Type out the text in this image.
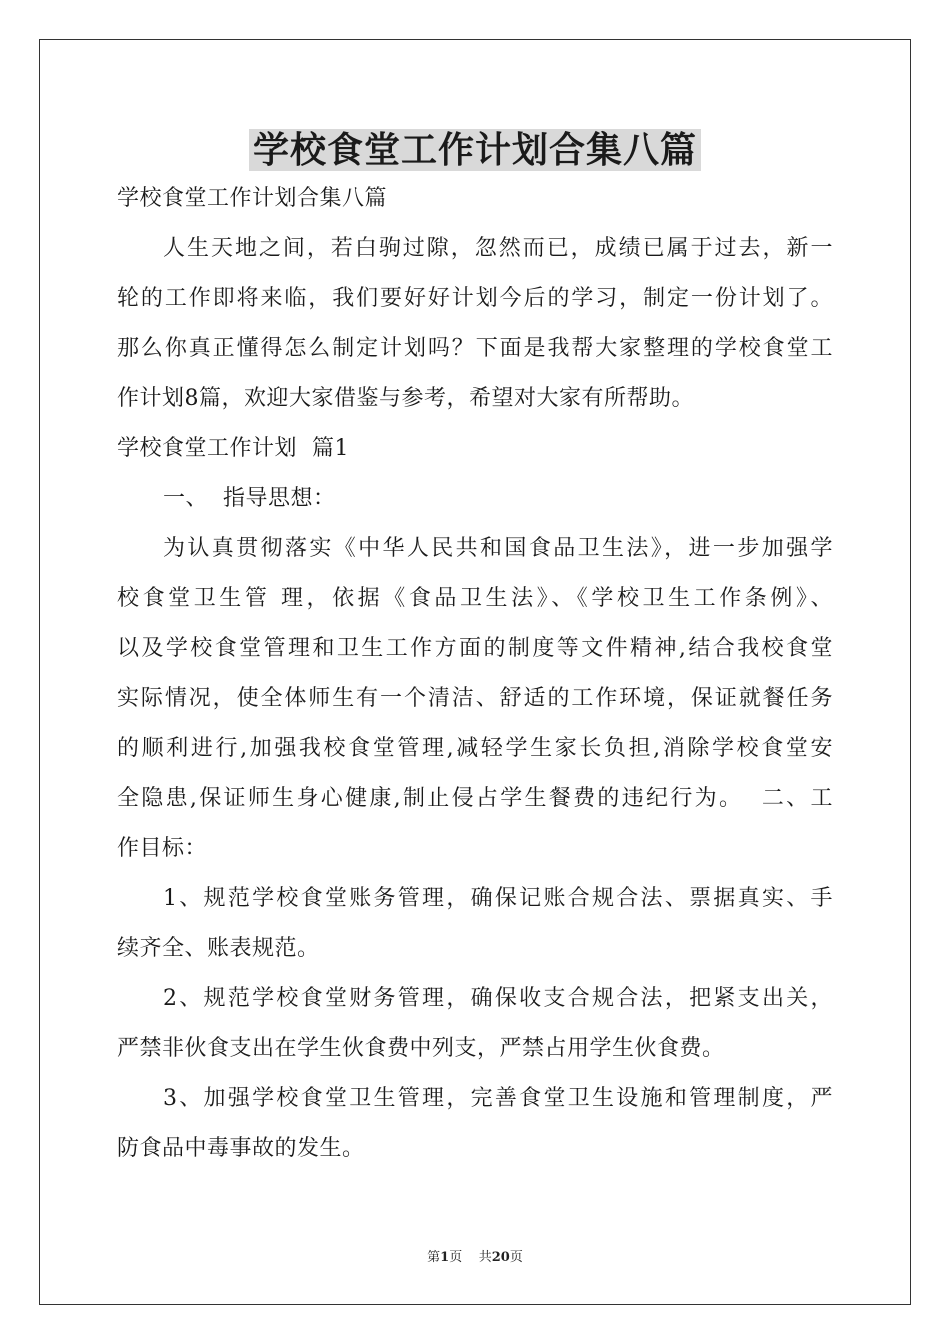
学校食堂工作计划合集八篇
学校食堂工作计划合集八篇
人生天地之间，若白驹过隙，忽然而已，成绩已属于过去，新一
轮的工作即将来临，我们要好好计划今后的学习，制定一份计划了。
那么你真正懂得怎么制定计划吗？下面是我帮大家整理的学校食堂工
作计划8篇，欢迎大家借鉴与参考，希望对大家有所帮助。
学校食堂工作计划  篇1
一、  指导思想：
为认真贯彻落实《中华人民共和国食品卫生法》，进一步加强学
校食堂卫生管 理，依据《食品卫生法》、《学校卫生工作条例》、
以及学校食堂管理和卫生工作方面的制度等文件精神,结合我校食堂
实际情况，使全体师生有一个清洁、舒适的工作环境，保证就餐任务
的顺利进行,加强我校食堂管理,减轻学生家长负担,消除学校食堂安
全隐患,保证师生身心健康,制止侵占学生餐费的违纪行为。  二、工
作目标：
1、规范学校食堂账务管理，确保记账合规合法、票据真实、手
续齐全、账表规范。
2、规范学校食堂财务管理，确保收支合规合法，把紧支出关，
严禁非伙食支出在学生伙食费中列支，严禁占用学生伙食费。
3、加强学校食堂卫生管理，完善食堂卫生设施和管理制度，严
防食品中毒事故的发生。
第1页    共20页
